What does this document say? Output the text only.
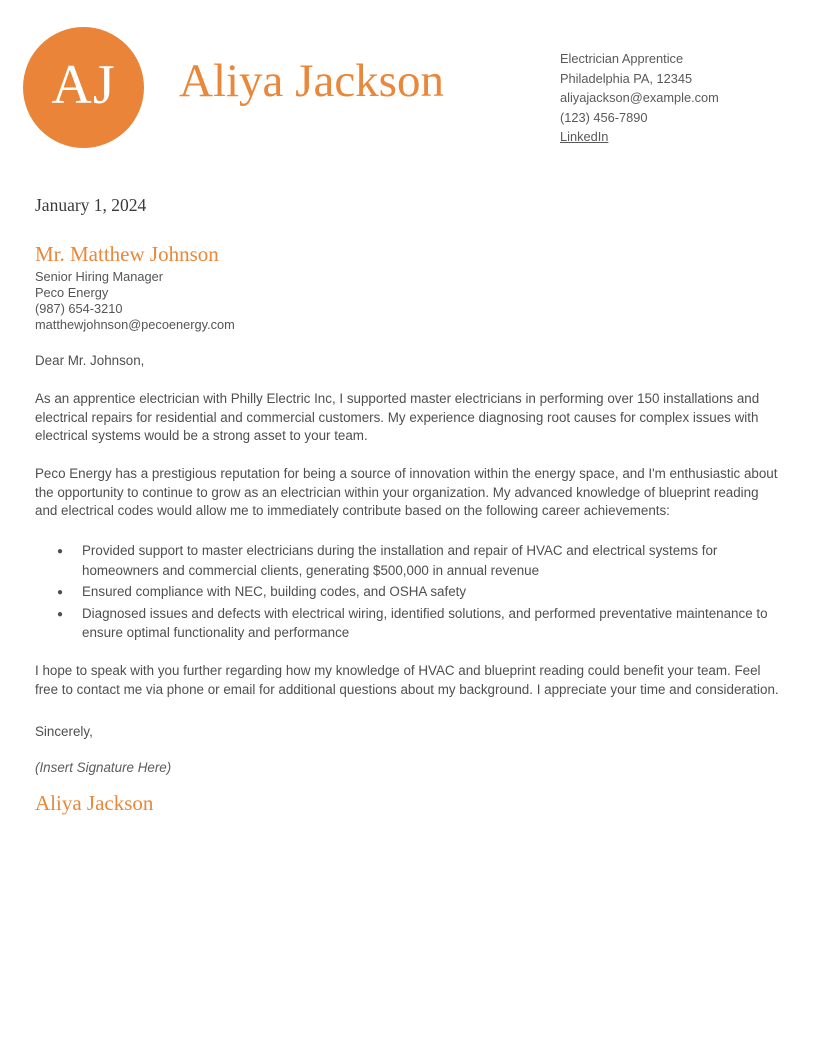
AJ Aliya Jackson	Electrician Apprentice
Philadelphia PA, 12345
aliyajackson@example.com
(123) 456-7890
LinkedIn
January 1, 2024
Mr. Matthew Johnson
Senior Hiring Manager
Peco Energy
(987) 654-3210
matthewjohnson@pecoenergy.com
Dear Mr. Johnson,
As an apprentice electrician with Philly Electric Inc, I supported master electricians in performing over 150 installations and electrical repairs for residential and commercial customers. My experience diagnosing root causes for complex issues with electrical systems would be a strong asset to your team.
Peco Energy has a prestigious reputation for being a source of innovation within the energy space, and I'm enthusiastic about the opportunity to continue to grow as an electrician within your organization. My advanced knowledge of blueprint reading and electrical codes would allow me to immediately contribute based on the following career achievements:
● Provided support to master electricians during the installation and repair of HVAC and electrical systems for homeowners and commercial clients, generating $500,000 in annual revenue
● Ensured compliance with NEC, building codes, and OSHA safety
● Diagnosed issues and defects with electrical wiring, identified solutions, and performed preventative maintenance to ensure optimal functionality and performance
I hope to speak with you further regarding how my knowledge of HVAC and blueprint reading could benefit your team. Feel free to contact me via phone or email for additional questions about my background. I appreciate your time and consideration.
Sincerely,
(Insert Signature Here)
Aliya Jackson
